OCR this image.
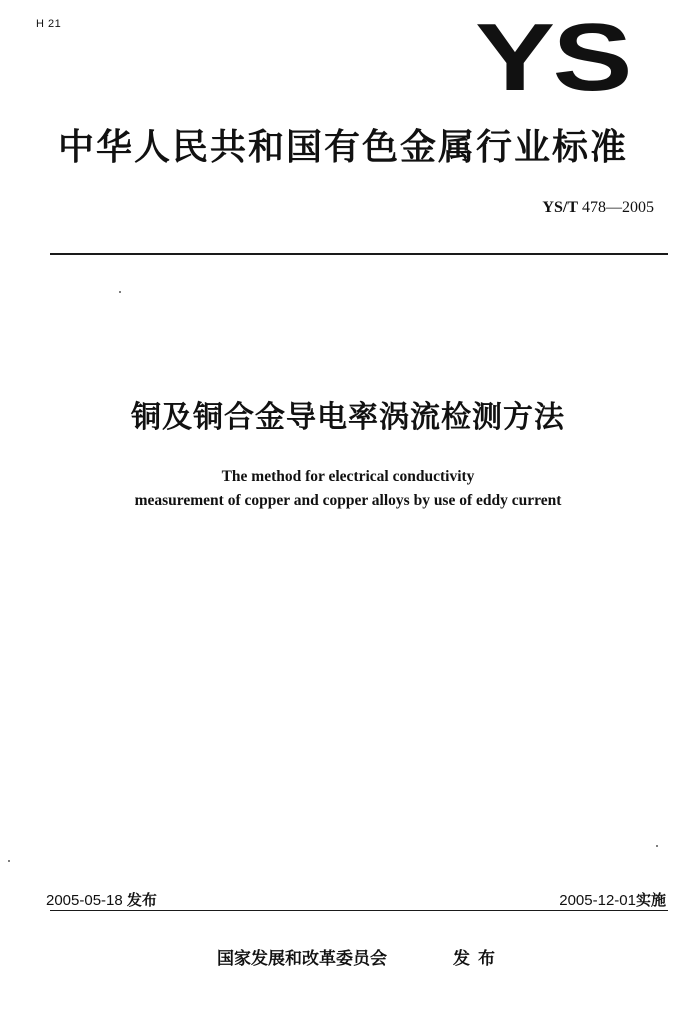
H 21	YS
中华人民共和国有色金属行业标准
YS/T 478—2005
铜及铜合金导电率涡流检测方法
The method for electrical conductivity
measurement of copper and copper alloys by use of eddy current
2005-05-18 发布	2005-12-01实施
国家发展和改革委员会	发布
